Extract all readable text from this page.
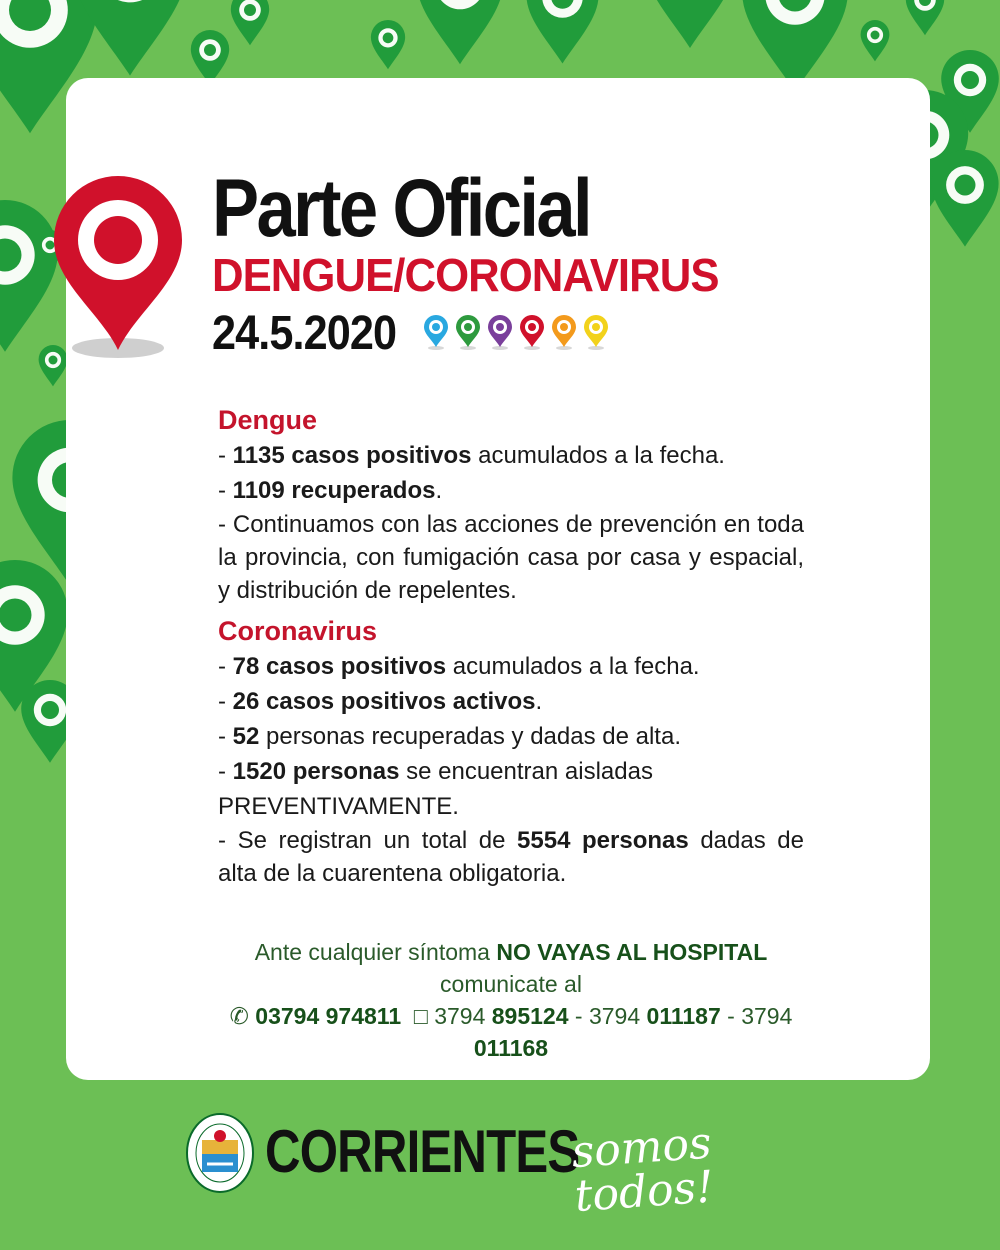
Parte Oficial
DENGUE/CORONAVIRUS
24.5.2020
Dengue

- 1135 casos positivos acumulados a la fecha.

- 1109 recuperados.

- Continuamos con las acciones de prevención en toda la provincia, con fumigación casa por casa y espacial, y distribución de repelentes.

Coronavirus

- 78 casos positivos acumulados a la fecha.

- 26 casos positivos activos.

- 52 personas recuperadas y dadas de alta.

- 1520 personas se encuentran aisladas PREVENTIVAMENTE.

- Se registran un total de 5554 personas dadas de alta de la cuarentena obligatoria.

Ante cualquier síntoma NO VAYAS AL HOSPITAL comunicate al
✆ 03794 974811 □ 3794 895124 - 3794 011187 - 3794 011168
CORRIENTES
somos todos!
